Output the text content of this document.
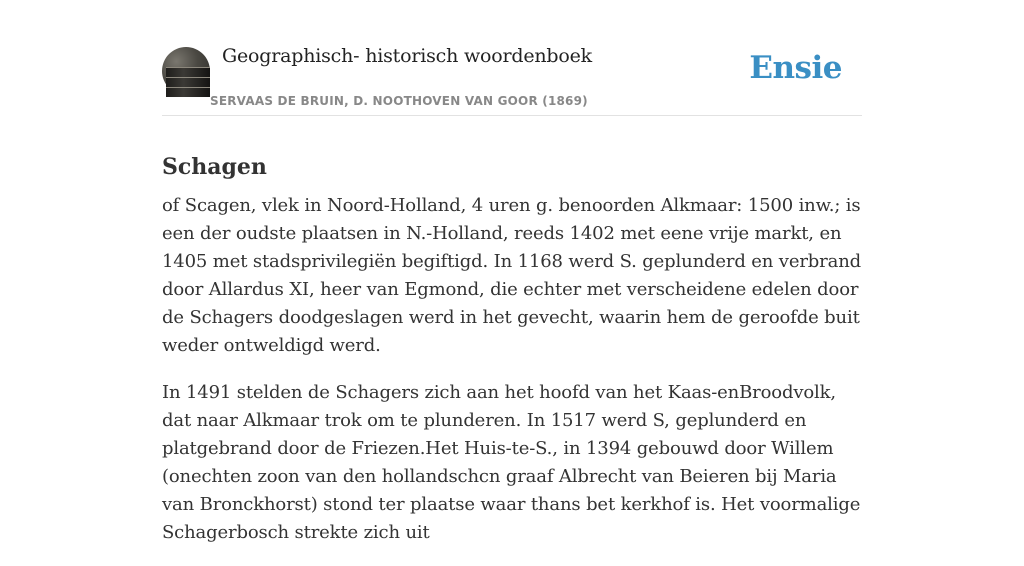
Geographisch- historisch woordenboek
SERVAAS DE BRUIN, D. NOOTHOVEN VAN GOOR (1869)
Ensie
Schagen

of Scagen, vlek in Noord-Holland, 4 uren g. benoorden Alkmaar: 1500 inw.; is een der oudste plaatsen in N.-Holland, reeds 1402 met eene vrije markt, en 1405 met stadsprivilegiën begiftigd. In 1168 werd S. geplunderd en verbrand door Allardus XI, heer van Egmond, die echter met verscheidene edelen door de Schagers doodgeslagen werd in het gevecht, waarin hem de geroofde buit weder ontweldigd werd.

In 1491 stelden de Schagers zich aan het hoofd van het Kaas-enBroodvolk, dat naar Alkmaar trok om te plunderen. In 1517 werd S, geplunderd en platgebrand door de Friezen.Het Huis-te-S., in 1394 gebouwd door Willem (onechten zoon van den hollandschcn graaf Albrecht van Beieren bij Maria van Bronckhorst) stond ter plaatse waar thans bet kerkhof is. Het voormalige Schagerbosch strekte zich uit
